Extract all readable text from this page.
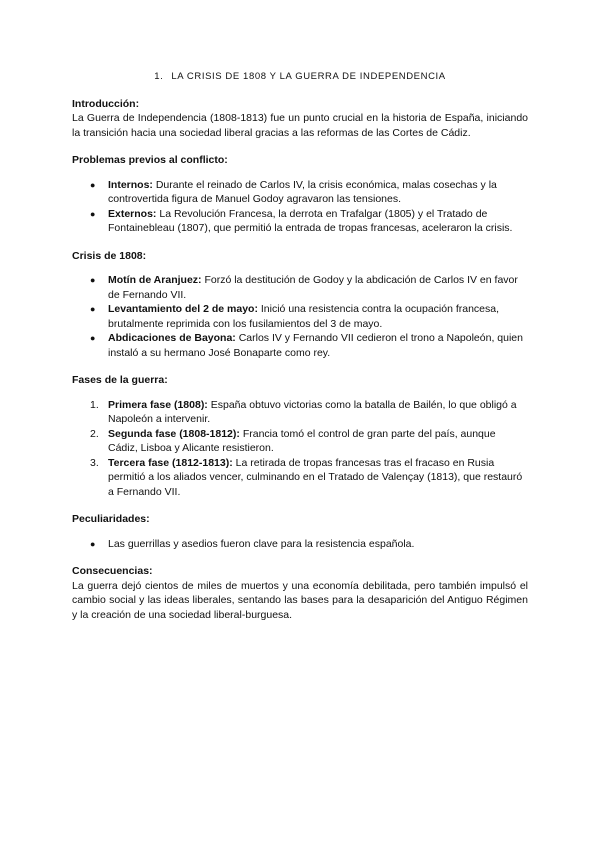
1. LA CRISIS DE 1808 Y LA GUERRA DE INDEPENDENCIA

Introducción:

La Guerra de Independencia (1808-1813) fue un punto crucial en la historia de España, iniciando la transición hacia una sociedad liberal gracias a las reformas de las Cortes de Cádiz.

Problemas previos al conflicto:

● Internos: Durante el reinado de Carlos IV, la crisis económica, malas cosechas y la controvertida figura de Manuel Godoy agravaron las tensiones.
● Externos: La Revolución Francesa, la derrota en Trafalgar (1805) y el Tratado de Fontainebleau (1807), que permitió la entrada de tropas francesas, aceleraron la crisis.

Crisis de 1808:

● Motín de Aranjuez: Forzó la destitución de Godoy y la abdicación de Carlos IV en favor de Fernando VII.
● Levantamiento del 2 de mayo: Inició una resistencia contra la ocupación francesa, brutalmente reprimida con los fusilamientos del 3 de mayo.
● Abdicaciones de Bayona: Carlos IV y Fernando VII cedieron el trono a Napoleón, quien instaló a su hermano José Bonaparte como rey.

Fases de la guerra:

1. Primera fase (1808): España obtuvo victorias como la batalla de Bailén, lo que obligó a Napoleón a intervenir.
2. Segunda fase (1808-1812): Francia tomó el control de gran parte del país, aunque Cádiz, Lisboa y Alicante resistieron.
3. Tercera fase (1812-1813): La retirada de tropas francesas tras el fracaso en Rusia permitió a los aliados vencer, culminando en el Tratado de Valençay (1813), que restauró a Fernando VII.

Peculiaridades:

● Las guerrillas y asedios fueron clave para la resistencia española.

Consecuencias:

La guerra dejó cientos de miles de muertos y una economía debilitada, pero también impulsó el cambio social y las ideas liberales, sentando las bases para la desaparición del Antiguo Régimen y la creación de una sociedad liberal-burguesa.
